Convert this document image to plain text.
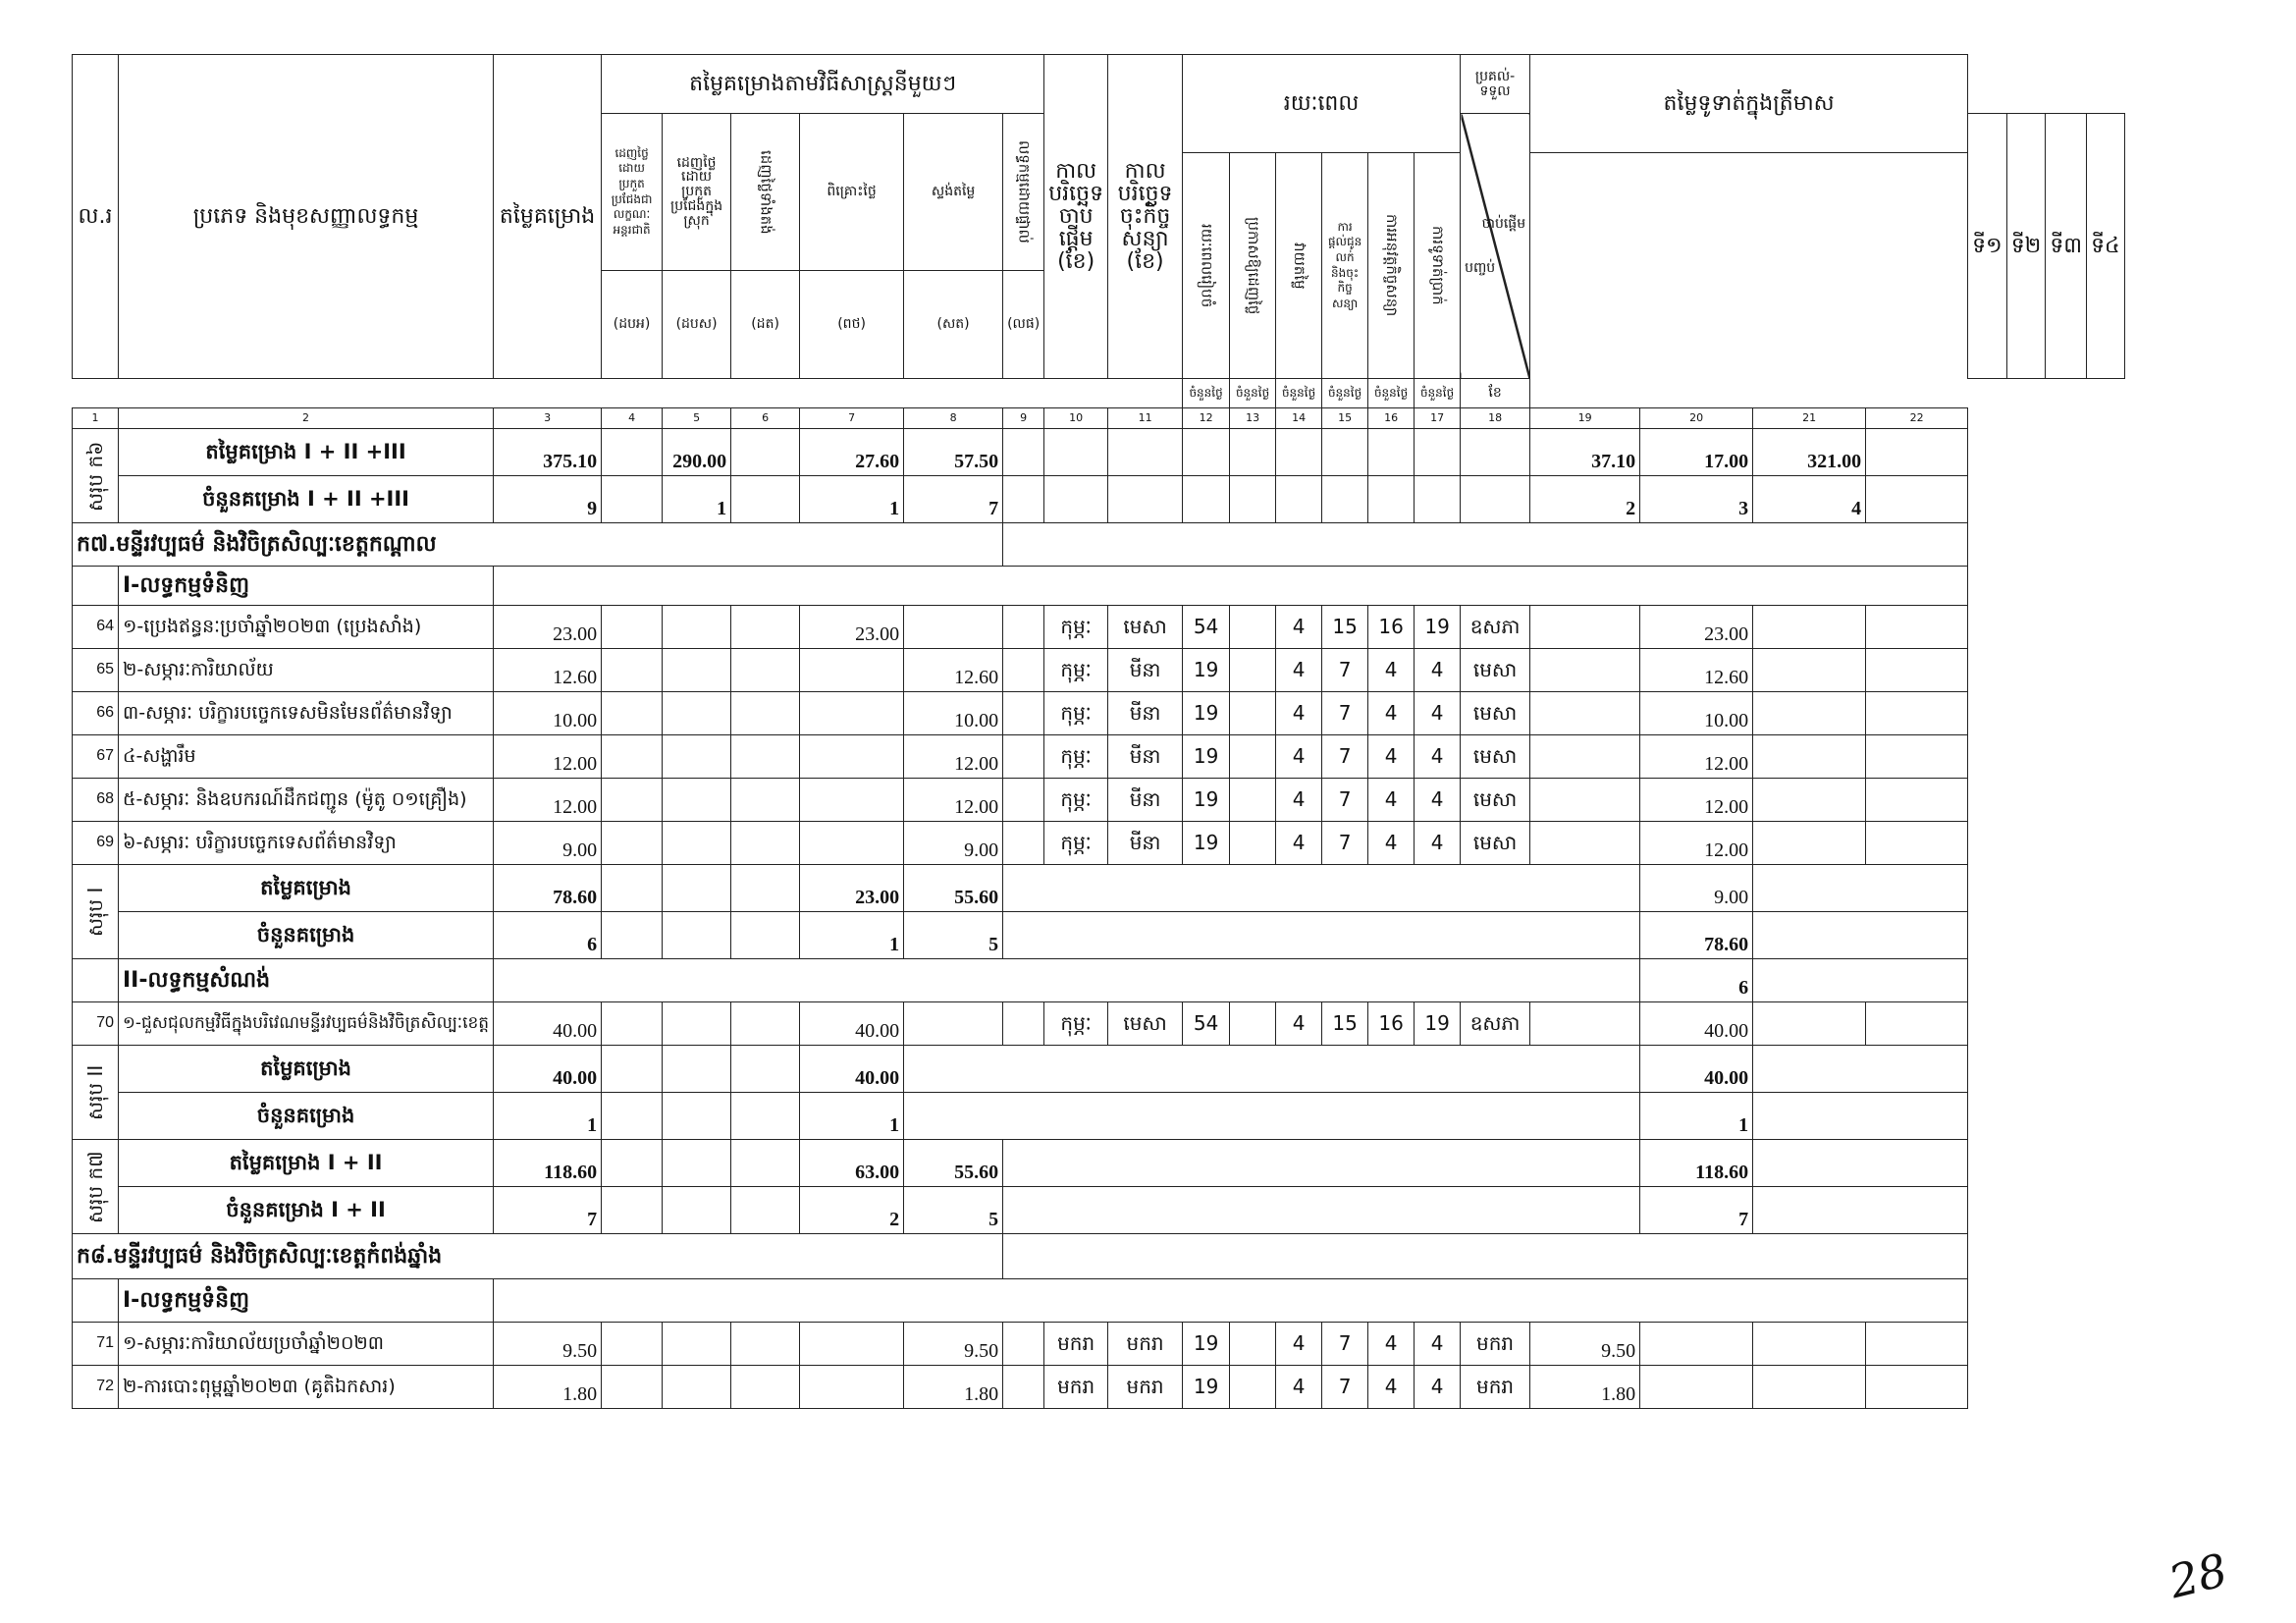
ល.រ	ប្រភេទ និងមុខសញ្ញាលទ្ធកម្ម	តម្លៃគម្រោង	តម្លៃគម្រោងតាមវិធីសាស្រ្តនីមួយៗ						កាលបរិច្ឆេទចាប់ផ្តើម (ខែ)	កាលបរិច្ឆេទចុះកិច្ចសន្យា (ខែ)	រយៈពេល						ប្រគល់-ទទួល	តម្លៃទូទាត់ក្នុងត្រីមាស							
			ដេញថ្លៃដោយប្រកួតប្រជែងជាលក្ខណៈអន្តរជាតិ	ដេញថ្លៃដោយប្រកួតប្រជែងក្នុងស្រុក	ដេញថ្លៃទាំងតង់	ពិគ្រោះថ្លៃ	ស្ទង់តម្លៃ	លទ្ធកម្មដោយផ្ទាល់									ចាប់ផ្តើម
បញ្ចប់					ទី១	ទី២	ទី៣	ទី៤
											រយៈពេលរៀបចំ	ប្រកាសឱ្យដេញថ្លៃ	វាយតម្លៃ	ការផ្តល់ជូនលក់ និងចុះកិច្ចសន្យា	ការអនុវត្តកិច្ចសន្យា	ការទូទាត់ប្រាក់									
			(ដបអ)	(ដបស)	(ដត)	(ពថ)	(សត)	(លផ)																	
											ចំនួនថ្ងៃ	ចំនួនថ្ងៃ	ចំនួនថ្ងៃ	ចំនួនថ្ងៃ	ចំនួនថ្ងៃ	ចំនួនថ្ងៃ	ខែ								
1	2	3	4	5	6	7	8	9	10	11	12	13	14	15	16	17	18	19	20	21	22				
សរុប ក៦	តម្លៃគម្រោង I + II +III	375.10		290.00		27.60	57.50											37.10	17.00	321.00					
	ចំនួនគម្រោង I + II +III	9		1		1	7											2	3	4					
ក៧.មន្ទីរវប្បធម៌ និងវិចិត្រសិល្បៈខេត្តកណ្តាល																									
	I-លទ្ធកម្មទំនិញ																								
64	១-ប្រេងឥន្ធនៈប្រចាំឆ្នាំ២០២៣ (ប្រេងសាំង)	23.00				23.00			កុម្ភៈ	មេសា	54		4	15	16	19	ឧសភា		23.00						
65	២-សម្ភារៈការិយាល័យ	12.60					12.60		កុម្ភៈ	មីនា	19		4	7	4	4	មេសា		12.60						
66	៣-សម្ភារៈ បរិក្ខារបច្ចេកទេសមិនមែនព័ត៌មានវិទ្យា	10.00					10.00		កុម្ភៈ	មីនា	19		4	7	4	4	មេសា		10.00						
67	៤-សង្ហារឹម	12.00					12.00		កុម្ភៈ	មីនា	19		4	7	4	4	មេសា		12.00						
68	៥-សម្ភារៈ និងឧបករណ៍ដឹកជញ្ជូន (ម៉ូតូ ០១គ្រឿង)	12.00					12.00		កុម្ភៈ	មីនា	19		4	7	4	4	មេសា		12.00						
69	៦-សម្ភារៈ បរិក្ខារបច្ចេកទេសព័ត៌មានវិទ្យា	9.00					9.00		កុម្ភៈ	មីនា	19		4	7	4	4	មេសា		12.00						
សរុប I	តម្លៃគម្រោង	78.60				23.00	55.60												9.00						
	ចំនួនគម្រោង	6				1	5												78.60						
	II-លទ្ធកម្មសំណង់																		6						
70	១-ជួសជុលកម្មវិធីក្នុងបរិវេណមន្ទីរវប្បធម៌និងវិចិត្រសិល្បៈខេត្ត	40.00				40.00			កុម្ភៈ	មេសា	54		4	15	16	19	ឧសភា		40.00						
សរុប II	តម្លៃគម្រោង	40.00				40.00													40.00						
	ចំនួនគម្រោង	1				1													1						
សរុប ក៧	តម្លៃគម្រោង I + II	118.60				63.00	55.60												118.60						
	ចំនួនគម្រោង I + II	7				2	5												7						
ក៨.មន្ទីរវប្បធម៌ និងវិចិត្រសិល្បៈខេត្តកំពង់ឆ្នាំង																									
	I-លទ្ធកម្មទំនិញ																								
71	១-សម្ភារៈការិយាល័យប្រចាំឆ្នាំ២០២៣	9.50					9.50		មករា	មករា	19		4	7	4	4	មករា	9.50							
72	២-ការបោះពុម្ពឆ្នាំ២០២៣ (គូតិឯកសារ)	1.80					1.80		មករា	មករា	19		4	7	4	4	មករា	1.80							
28
